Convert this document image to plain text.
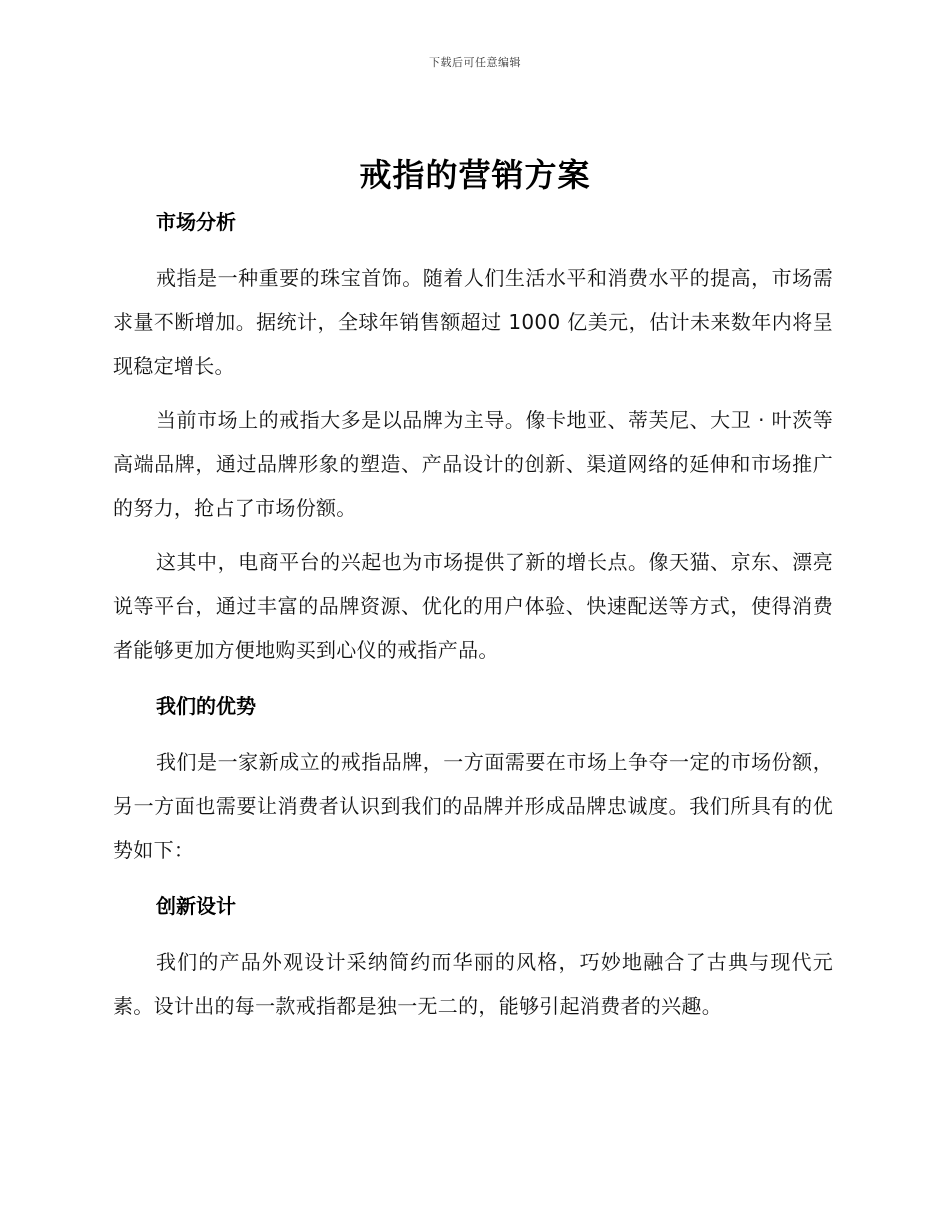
下载后可任意编辑
戒指的营销方案
市场分析

戒指是一种重要的珠宝首饰。随着人们生活水平和消费水平的提高，市场需求量不断增加。据统计，全球年销售额超过 1000 亿美元，估计未来数年内将呈现稳定增长。

当前市场上的戒指大多是以品牌为主导。像卡地亚、蒂芙尼、大卫 · 叶茨等高端品牌，通过品牌形象的塑造、产品设计的创新、渠道网络的延伸和市场推广的努力，抢占了市场份额。

这其中，电商平台的兴起也为市场提供了新的增长点。像天猫、京东、漂亮说等平台，通过丰富的品牌资源、优化的用户体验、快速配送等方式，使得消费者能够更加方便地购买到心仪的戒指产品。

我们的优势

我们是一家新成立的戒指品牌，一方面需要在市场上争夺一定的市场份额，另一方面也需要让消费者认识到我们的品牌并形成品牌忠诚度。我们所具有的优势如下：

创新设计

我们的产品外观设计采纳简约而华丽的风格，巧妙地融合了古典与现代元素。设计出的每一款戒指都是独一无二的，能够引起消费者的兴趣。
